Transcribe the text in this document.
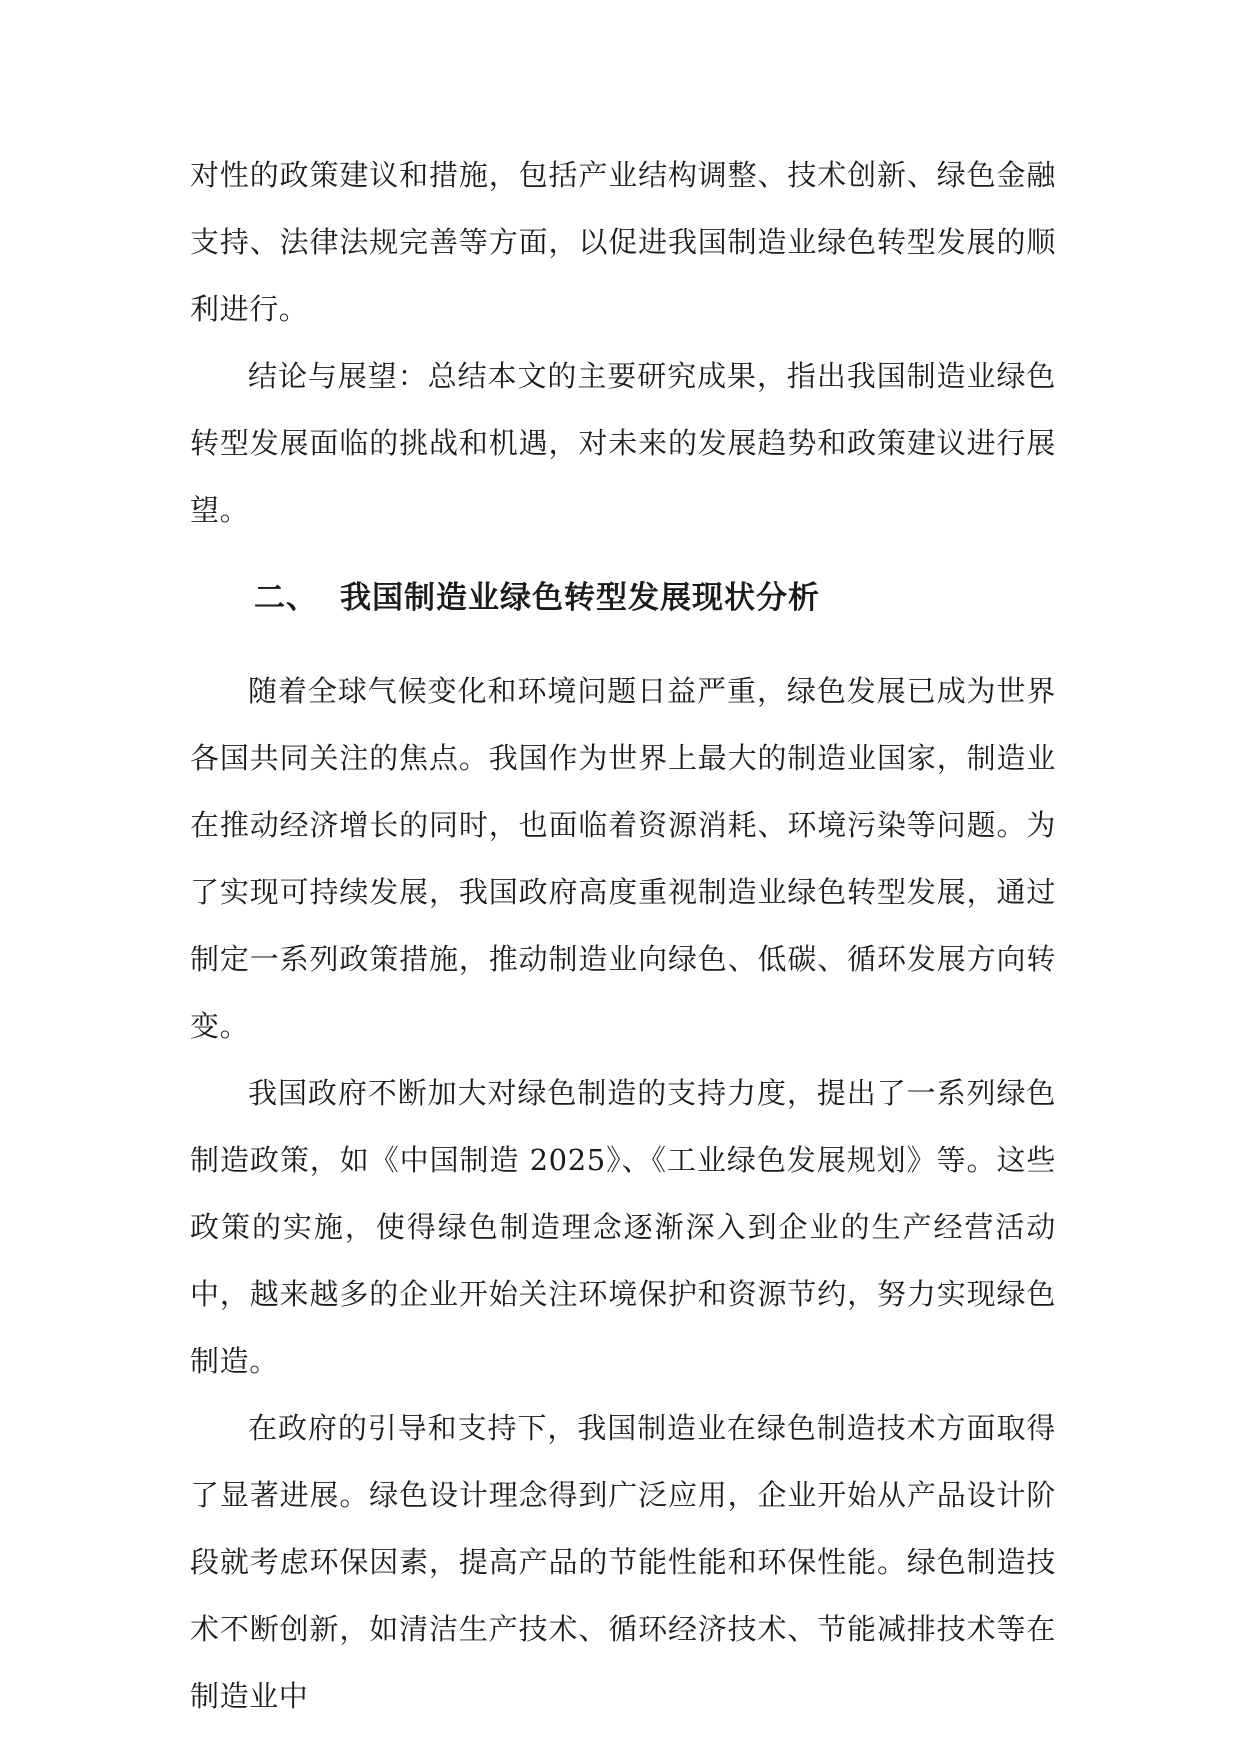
对性的政策建议和措施，包括产业结构调整、技术创新、绿色金融支持、法律法规完善等方面，以促进我国制造业绿色转型发展的顺利进行。

结论与展望：总结本文的主要研究成果，指出我国制造业绿色转型发展面临的挑战和机遇，对未来的发展趋势和政策建议进行展望。

二、 我国制造业绿色转型发展现状分析

随着全球气候变化和环境问题日益严重，绿色发展已成为世界各国共同关注的焦点。我国作为世界上最大的制造业国家，制造业在推动经济增长的同时，也面临着资源消耗、环境污染等问题。为了实现可持续发展，我国政府高度重视制造业绿色转型发展，通过制定一系列政策措施，推动制造业向绿色、低碳、循环发展方向转变。

我国政府不断加大对绿色制造的支持力度，提出了一系列绿色制造政策，如《中国制造 2025》、《工业绿色发展规划》等。这些政策的实施，使得绿色制造理念逐渐深入到企业的生产经营活动中，越来越多的企业开始关注环境保护和资源节约，努力实现绿色制造。

在政府的引导和支持下，我国制造业在绿色制造技术方面取得了显著进展。绿色设计理念得到广泛应用，企业开始从产品设计阶段就考虑环保因素，提高产品的节能性能和环保性能。绿色制造技术不断创新，如清洁生产技术、循环经济技术、节能减排技术等在制造业中
